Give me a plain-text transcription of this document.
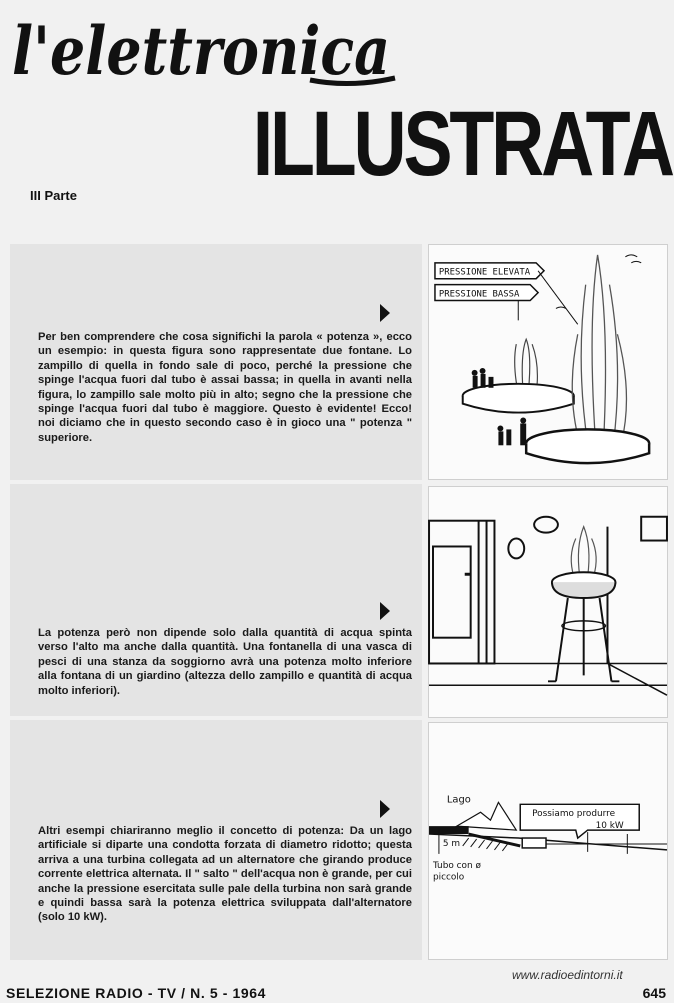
l'elettronica
ILLUSTRATA
III Parte
Per ben comprendere che cosa significhi la parola « potenza », ecco un esempio: in questa figura sono rappresentate due fontane. Lo zampillo di quella in fondo sale di poco, perché la pressione che spinge l'acqua fuori dal tubo è assai bassa; in quella in avanti nella figura, lo zampillo sale molto più in alto; segno che la pressione che spinge l'acqua fuori dal tubo è maggiore. Questo è evidente! Ecco! noi diciamo che in questo secondo caso è in gioco una " potenza " superiore.
PRESSIONE ELEVATA
PRESSIONE BASSA
La potenza però non dipende solo dalla quantità di acqua spinta verso l'alto ma anche dalla quantità. Una fontanella di una vasca di pesci di una stanza da soggiorno avrà una potenza molto inferiore alla fontana di un giardino (altezza dello zampillo e quantità di acqua molto inferiori).
Altri esempi chiariranno meglio il concetto di potenza: Da un lago artificiale si diparte una condotta forzata di diametro ridotto; questa arriva a una turbina collegata ad un alternatore che girando produce corrente elettrica alternata. Il " salto " dell'acqua non è grande, per cui anche la pressione esercitata sulle pale della turbina non sarà grande e quindi bassa sarà la potenza elettrica sviluppata dall'alternatore (solo 10 kW).
Possiamo produrre
10 kW
Lago
5 m
Tubo con ø
piccolo
SELEZIONE RADIO - TV / N. 5 - 1964
www.radioedintorni.it
645
